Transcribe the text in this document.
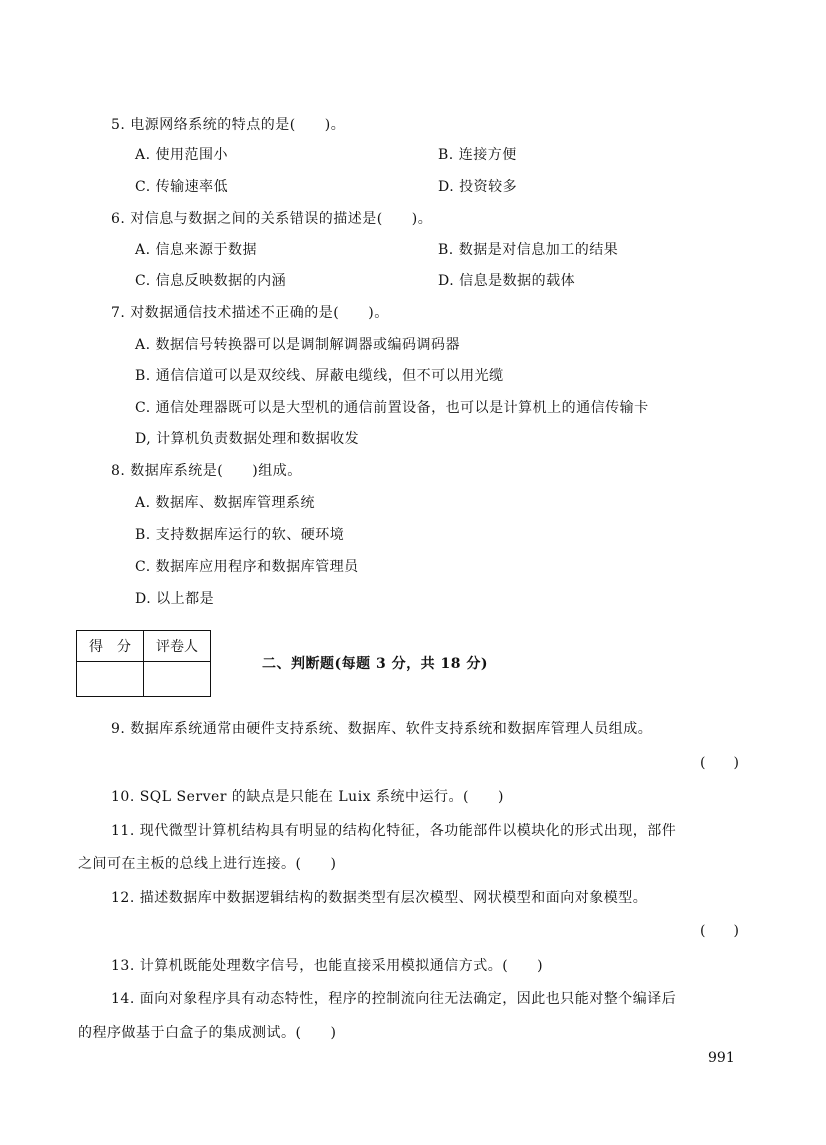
5. 电源网络系统的特点的是(　　)。
A. 使用范围小	B. 连接方便
C. 传输速率低	D. 投资较多
6. 对信息与数据之间的关系错误的描述是(　　)。
A. 信息来源于数据	B. 数据是对信息加工的结果
C. 信息反映数据的内涵	D. 信息是数据的载体
7. 对数据通信技术描述不正确的是(　　)。
A. 数据信号转换器可以是调制解调器或编码调码器
B. 通信信道可以是双绞线、屏蔽电缆线，但不可以用光缆
C. 通信处理器既可以是大型机的通信前置设备，也可以是计算机上的通信传输卡
D, 计算机负责数据处理和数据收发
8. 数据库系统是(　　)组成。
A. 数据库、数据库管理系统
B. 支持数据库运行的软、硬环境
C. 数据库应用程序和数据库管理员
D. 以上都是
得　分	评卷人

二、判断题(每题 3 分，共 18 分)
9. 数据库系统通常由硬件支持系统、数据库、软件支持系统和数据库管理人员组成。
(　　)
10. SQL Server 的缺点是只能在 Luix 系统中运行。(　　)
11. 现代微型计算机结构具有明显的结构化特征，各功能部件以模块化的形式出现，部件
之间可在主板的总线上进行连接。(　　)
12. 描述数据库中数据逻辑结构的数据类型有层次模型、网状模型和面向对象模型。
(　　)
13. 计算机既能处理数字信号，也能直接采用模拟通信方式。(　　)
14. 面向对象程序具有动态特性，程序的控制流向往无法确定，因此也只能对整个编译后
的程序做基于白盒子的集成测试。(　　)
991
